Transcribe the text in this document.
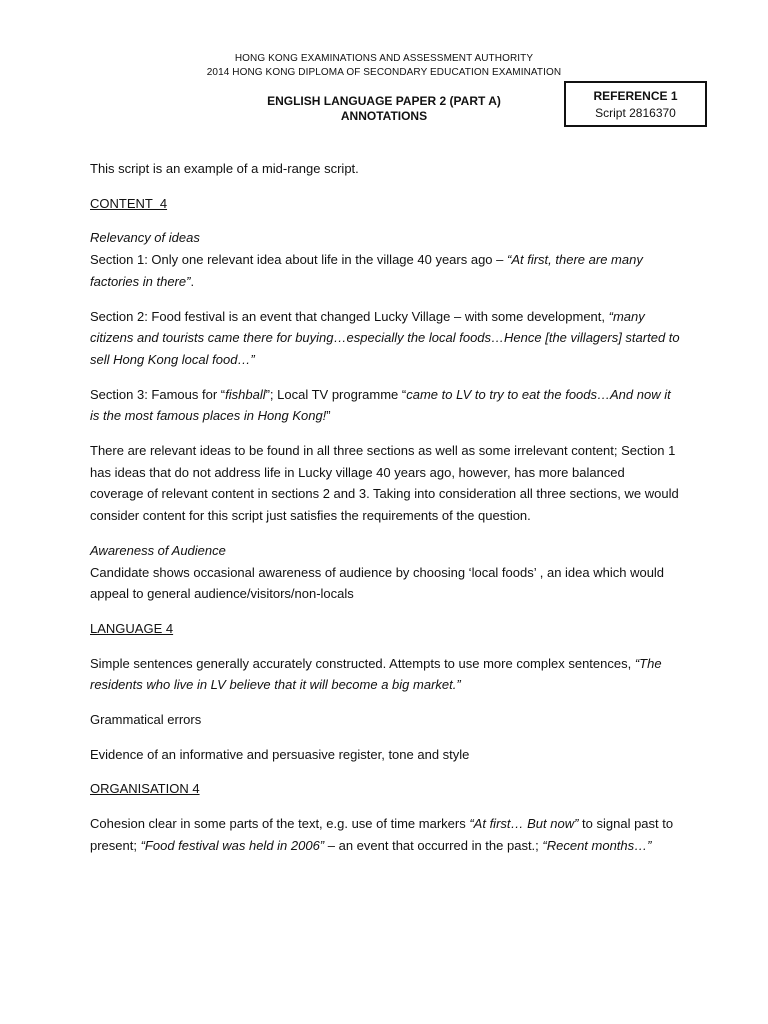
HONG KONG EXAMINATIONS AND ASSESSMENT AUTHORITY
2014 HONG KONG DIPLOMA OF SECONDARY EDUCATION EXAMINATION
ENGLISH LANGUAGE PAPER 2 (PART A)
ANNOTATIONS
REFERENCE 1
Script 2816370

This script is an example of a mid-range script.

CONTENT  4

Relevancy of ideas

Section 1: Only one relevant idea about life in the village 40 years ago – “At first, there are many factories in there”.

Section 2: Food festival is an event that changed Lucky Village – with some development, “many citizens and tourists came there for buying…especially the local foods…Hence [the villagers] started to sell Hong Kong local food…”

Section 3: Famous for “fishball”; Local TV programme “came to LV to try to eat the foods…And now it is the most famous places in Hong Kong!”

There are relevant ideas to be found in all three sections as well as some irrelevant content; Section 1 has ideas that do not address life in Lucky village 40 years ago, however, has more balanced coverage of relevant content in sections 2 and 3. Taking into consideration all three sections, we would consider content for this script just satisfies the requirements of the question.

Awareness of Audience

Candidate shows occasional awareness of audience by choosing ‘local foods’ , an idea which would appeal to general audience/visitors/non-locals

LANGUAGE 4

Simple sentences generally accurately constructed. Attempts to use more complex sentences, “The residents who live in LV believe that it will become a big market.”

Grammatical errors

Evidence of an informative and persuasive register, tone and style

ORGANISATION 4

Cohesion clear in some parts of the text, e.g. use of time markers “At first… But now” to signal past to present; “Food festival was held in 2006” – an event that occurred in the past.; “Recent months…”
